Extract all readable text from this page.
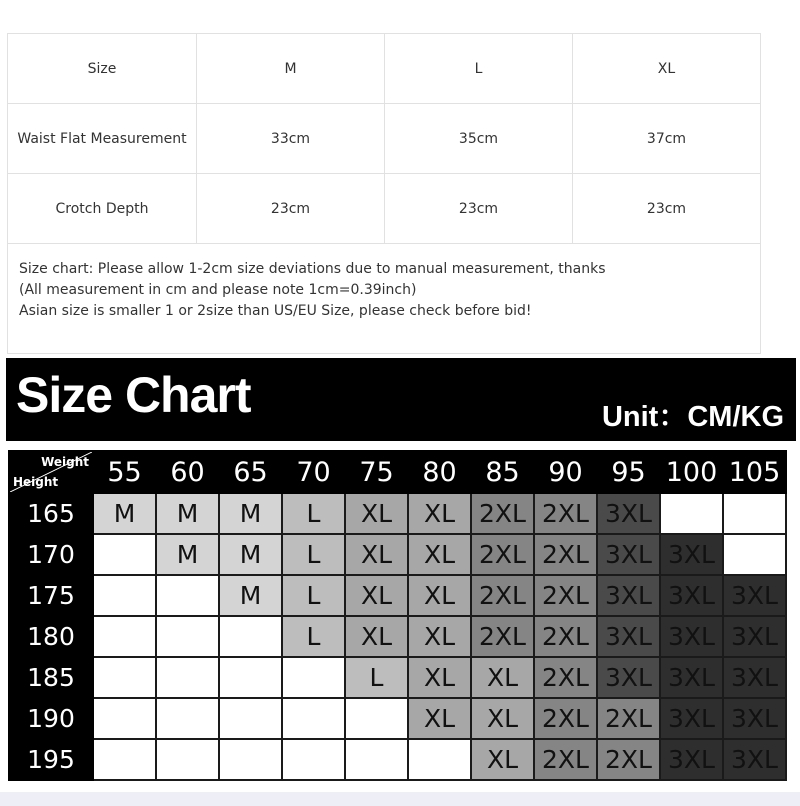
Size	M	L	XL
Waist Flat Measurement	33cm	35cm	37cm
Crotch Depth	23cm	23cm	23cm

Size chart: Please allow 1-2cm size deviations due to manual measurement, thanks
(All measurement in cm and please note 1cm=0.39inch)
Asian size is smaller 1 or 2size than US/EU Size, please check before bid!			
Size Chart	Unit：CM/KG
Weight
Height	55	60	65	70	75	80	85	90	95	100	105
165	M	M	M	L	XL	XL	2XL	2XL	3XL		
170		M	M	L	XL	XL	2XL	2XL	3XL	3XL	
175			M	L	XL	XL	2XL	2XL	3XL	3XL	3XL
180				L	XL	XL	2XL	2XL	3XL	3XL	3XL
185					L	XL	XL	2XL	3XL	3XL	3XL
190						XL	XL	2XL	2XL	3XL	3XL
195							XL	2XL	2XL	3XL	3XL
